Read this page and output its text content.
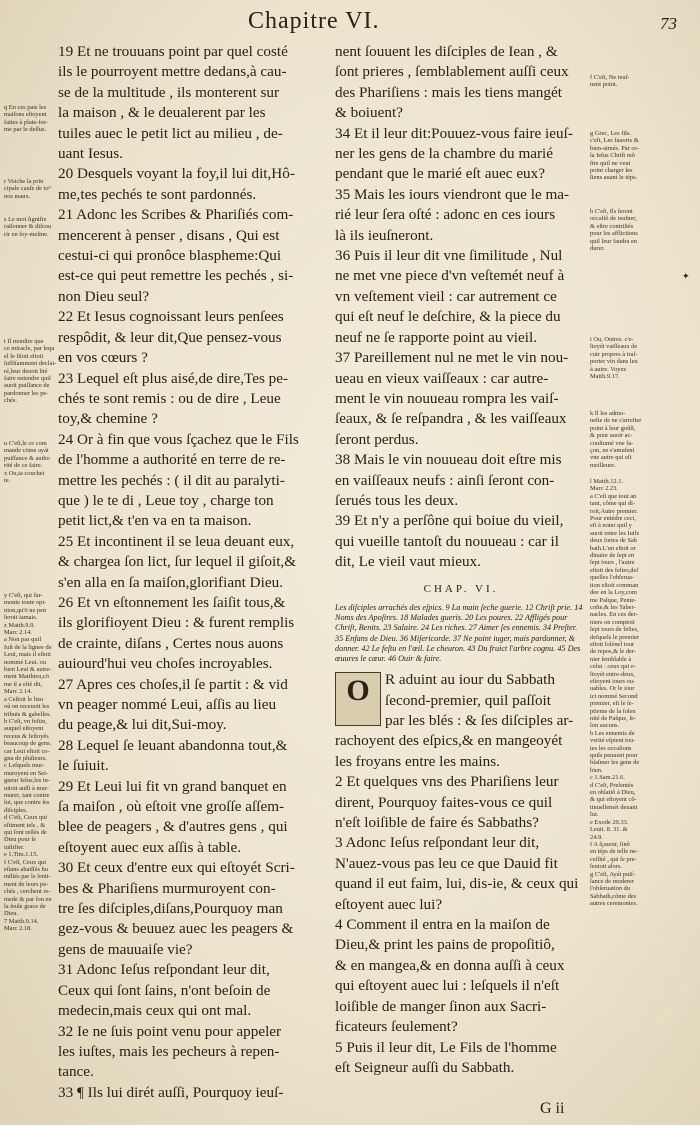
Chapitre VI.	73
19 Et ne trouuans point par quel costé
ils le pourroyent mettre dedans,à cau-
se de la multitude , ils monterent sur
la maison , & le deualerent par les
tuiles auec le petit lict au milieu , de-
uant Iesus.
20 Desquels voyant la foy,il lui dit,Hô-
me,tes pechés te sont pardonnés.
21 Adonc les Scribes & Phariſiés com-
mencerent à penser , disans , Qui est
cestui-ci qui pronôce blaspheme:Qui
est-ce qui peut remettre les pechés , si-
non Dieu seul?
22 Et Iesus cognoissant leurs penſees
respôdit, & leur dit,Que pensez-vous
en vos cœurs ?
23 Lequel eſt plus aisé,de dire,Tes pe-
chés te sont remis : ou de dire , Leue
toy,& chemine ?
24 Or à fin que vous ſçachez que le Fils
de l'homme a authorité en terre de re-
mettre les pechés : ( il dit au paralyti-
que ) le te di , Leue toy , charge ton
petit lict,& t'en va en ta maison.
25 Et incontinent il se leua deuant eux,
& chargea ſon lict, ſur lequel il giſoit,&
s'en alla en ſa maiſon,glorifiant Dieu.
26 Et vn eſtonnement les ſaiſit tous,&
ils glorifioyent Dieu : & furent remplis
de crainte, diſans , Certes nous auons
auiourd'hui veu choſes incroyables.
27 Apres ces choſes,il ſe partit : & vid
vn peager nommé Leui, aſſis au lieu
du peage,& lui dit,Sui-moy.
28 Lequel ſe leuant abandonna tout,&
le ſuiuit.
29 Et Leui lui fit vn grand banquet en
ſa maiſon , où eſtoit vne groſſe aſſem-
blee de peagers , & d'autres gens , qui
eſtoyent auec eux aſſis à table.
30 Et ceux d'entre eux qui eſtoyét Scri-
bes & Phariſiens murmuroyent con-
tre ſes diſciples,diſans,Pourquoy man
gez-vous & beuuez auec les peagers &
gens de mauuaiſe vie?
31 Adonc Ieſus reſpondant leur dit,
Ceux qui ſont ſains, n'ont beſoin de
medecin,mais ceux qui ont mal.
32 Ie ne ſuis point venu pour appeler
les iuſtes, mais les pecheurs à repen-
tance.
33 ¶ Ils lui dirét auſſi, Pourquoy ieuſ-
nent ſouuent les diſciples de Iean , &
ſont prieres , ſemblablement auſſi ceux
des Phariſiens : mais les tiens mangét
& boiuent?
34 Et il leur dit:Pouuez-vous faire ieuſ-
ner les gens de la chambre du marié
pendant que le marié eſt auec eux?
35 Mais les iours viendront que le ma-
rié leur ſera oſté : adonc en ces iours
là ils ieuſneront.
36 Puis il leur dit vne ſimilitude , Nul
ne met vne piece d'vn veſtemét neuf à
vn veſtement vieil : car autrement ce
qui eſt neuf le deſchire, & la piece du
neuf ne ſe rapporte point au vieil.
37 Pareillement nul ne met le vin nou-
ueau en vieux vaiſſeaux : car autre-
ment le vin nouueau rompra les vaiſ-
ſeaux, & ſe reſpandra , & les vaiſſeaux
ſeront perdus.
38 Mais le vin nouueau doit eſtre mis
en vaiſſeaux neufs : ainſi ſeront con-
ſerués tous les deux.
39 Et n'y a perſône qui boiue du vieil,
qui vueille tantoſt du nouueau : car il
dit, Le vieil vaut mieux.
CHAP. VI.
Les diſciples arrachés des eſpics. 9 La main ſeche guerie. 12 Chriſt prie. 14 Noms des Apoſtres. 18 Malades gueris. 20 Les poures. 22 Affligés pour Chriſt, Benits. 23 Salaire. 24 Les riches. 27 Aimer ſes ennemis. 34 Preſter. 35 Enfans de Dieu. 36 Miſericorde. 37 Ne point iuger, mais pardonner, & donner. 42 Le feſtu en l'œil. Le cheuron. 43 Du fruict l'arbre cognu. 45 Des œuures le cœur. 46 Ouir & faire.
O	R aduint au iour du Sabbath
ſecond-premier, quil paſſoit
par les blés : & ſes diſciples ar-
rachoyent des eſpics,& en mangeoyét
les froyans entre les mains.
2 Et quelques vns des Phariſiens leur
dirent, Pourquoy faites-vous ce quil
n'eſt loiſible de faire és Sabbaths?
3 Adonc Ieſus reſpondant leur dit,
N'auez-vous pas leu ce que Dauid fit
quand il eut faim, lui, dis-ie, & ceux qui
eſtoyent auec lui?
4 Comment il entra en la maiſon de
Dieu,& print les pains de propoſitiô,
& en mangea,& en donna auſſi à ceux
qui eſtoyent auec lui : leſquels il n'eſt
loiſible de manger ſinon aux Sacri-
ficateurs ſeulement?
5 Puis il leur dit, Le Fils de l'homme
eſt Seigneur auſſi du Sabbath.
q En ces pais les
maiſons eſtoyent
faites à plate-for-
me par le deſſus.
r Voiche la prin
cipale cauſe de to⁹
nos maux.
s Le mot ſignifie
raiſonner & diſcou
rir en ſoy-meſme.
t Il monſtre que
ce miracle, par lequ
el le ſiſoit eſtoit
ſuffiſamment declai-
ré,leur deuoit bié
faire entendre quil
auoit puiſſance de
pardonner les pe-
chés.
u C'eſt,le ce com
mande cōme ayát
puiſſance & autho
rité de ce faire.
x Ou,ta couchet
te.
y C'eſt, qui ſur-
monte toute opi-
nion,qu'ō ne pen
ſeroit iamais.
z Matth.9.9.
Marc 2.14.
a Non pas quil
fuſt de la lignee de
Leui, mais il eſtoit
nommé Leui. ou
bien Leui & autre-
ment Matthieu,cō
me il a eſté dit,
Marc 2.14.
a Ceſtoit le lieu
où on receuoit les
tributs & gabelles.
b C'eſt, vn feſtin,
auquel eſtoyent
receus & feſtoyés
beaucoup de gens:
car Leui eſtoit co-
gnu de pluſieurs.
c Leſquels mur-
muroyent en Sei-
gneur Ieſus,les in-
uitoit auſſi à mur-
murer, tant contre
lui, que contre ſes
diſciples.
d C'eſt, Ceux qui
eſtiment tels , &
qui ſont reſſés de
Dieu pour ſe
iuſtifier.
e 1.Tim.1.15.
f C'eſt, Ceux qui
eſtans abaiſſés hu
miliés par le ſenti-
ment de leurs pe-
chés , cerchent re-
mede & par ſon en
la ſeule grace de
Dieu.
7 Matth.9.14.
Marc 2.18.
f C'eſt, Ne ieuſ-
nent point.
g Grec, Les fils.
c'eſt, Les fauoris &
bien-aimés. Par ce-
la Ieſus Chriſt mõ
ſtre quil ne veut
point charger les
ſiens auant le téps.
h C'eſt, Ils ſeront
occaſiõ de ieuſner,
& eſtre contriſtés
pour les afflictions
quil leur faudra en
durer.
i Ou, Outres. c'e-
ſtoyét vaiſſeaux de
cuir propres à traſ-
porter vin dans leu
à autre. Voyez
Matth.9.17.
k Il les admo-
neſte de ne s'arreſter
point à leur goûſt,
& pour auoir ac-
couſtumé vne fa-
çon, ne s'amuſent
vne autre qui eſt
meilleure.
l Matth.12.1.
Marc 2.23.
a C'eſt que tout an
tant, cõme qui di-
roit,Autre premier.
Pour entédre ceci,
eſt à noter quil y
auoit entre les Iuifs
deux ſortes de Sab
bath.L'un eſtoit or
dinaire de ſept en
ſept iours , l'autre
eſtoit des feſtes,deſ
quelles l'obſerua-
tion eſtoit comman
dee en la Loy,com
me Paſque, Pente-
coſte,& les Taber-
nacles. En ces der-
niers on comptoit
ſept iours de feſtes,
deſquels le premier
eſtoit ſolénel iour
de repos,& le der-
nier ſemblable à
celui : ceux qui e-
ſtoyét entre-deux,
eſtoyent iours ou-
uables. Or le iour
ici nommé Second
premier, eſt le ſe-
ptieme de la ſolen
nité de Paſque, ſe-
lon aucuns.
b Les ennemis de
verité eſpient tou-
tes les occaſions
quils peuuent pour
blaſmer les gens de
bien.
c 1.Sam.21.6.
d C'eſt, Preſentés
en oblatiõ à Dieu,
& qui eſtoyent cõ-
tinuellemét deuant
lui.
e Exode 29.33.
Leuit. 8. 31. &
24.9.
f A ſçauoir, ſinõ
en téps de telle ne-
ceſſité , qui ſe pre-
ſentoit alors.
g C'eſt, Ayát puiſ-
ſance de moderer
l'obſeruation du
Sabbath,cõme des
autres ceremonies.
✦
G ii
